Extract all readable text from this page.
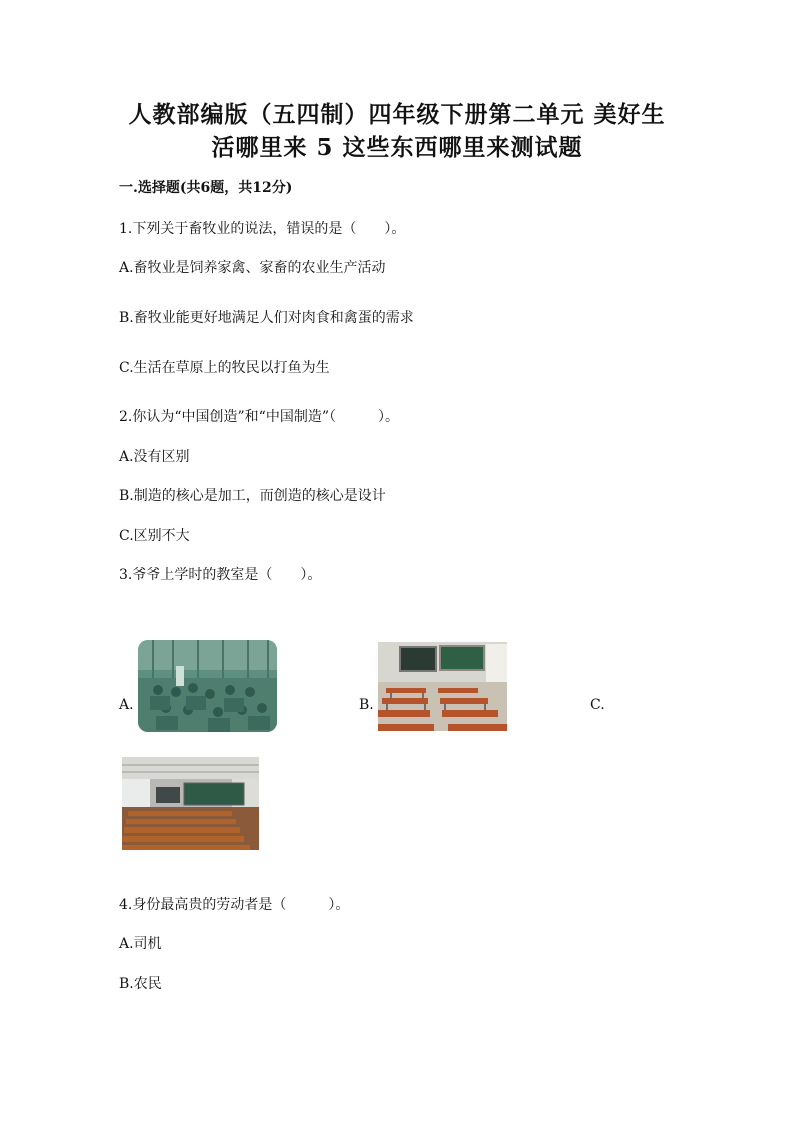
人教部编版（五四制）四年级下册第二单元 美好生
活哪里来 5 这些东西哪里来测试题
一.选择题(共6题，共12分)
1.下列关于畜牧业的说法，错误的是（　　）。
A.畜牧业是饲养家禽、家畜的农业生产活动
B.畜牧业能更好地满足人们对肉食和禽蛋的需求
C.生活在草原上的牧民以打鱼为生
2.你认为“中国创造”和“中国制造”（　　　）。
A.没有区别
B.制造的核心是加工，而创造的核心是设计
C.区别不大
3.爷爷上学时的教室是（　　）。
A.	B.	C.
4.身份最高贵的劳动者是（　　　）。
A.司机
B.农民
